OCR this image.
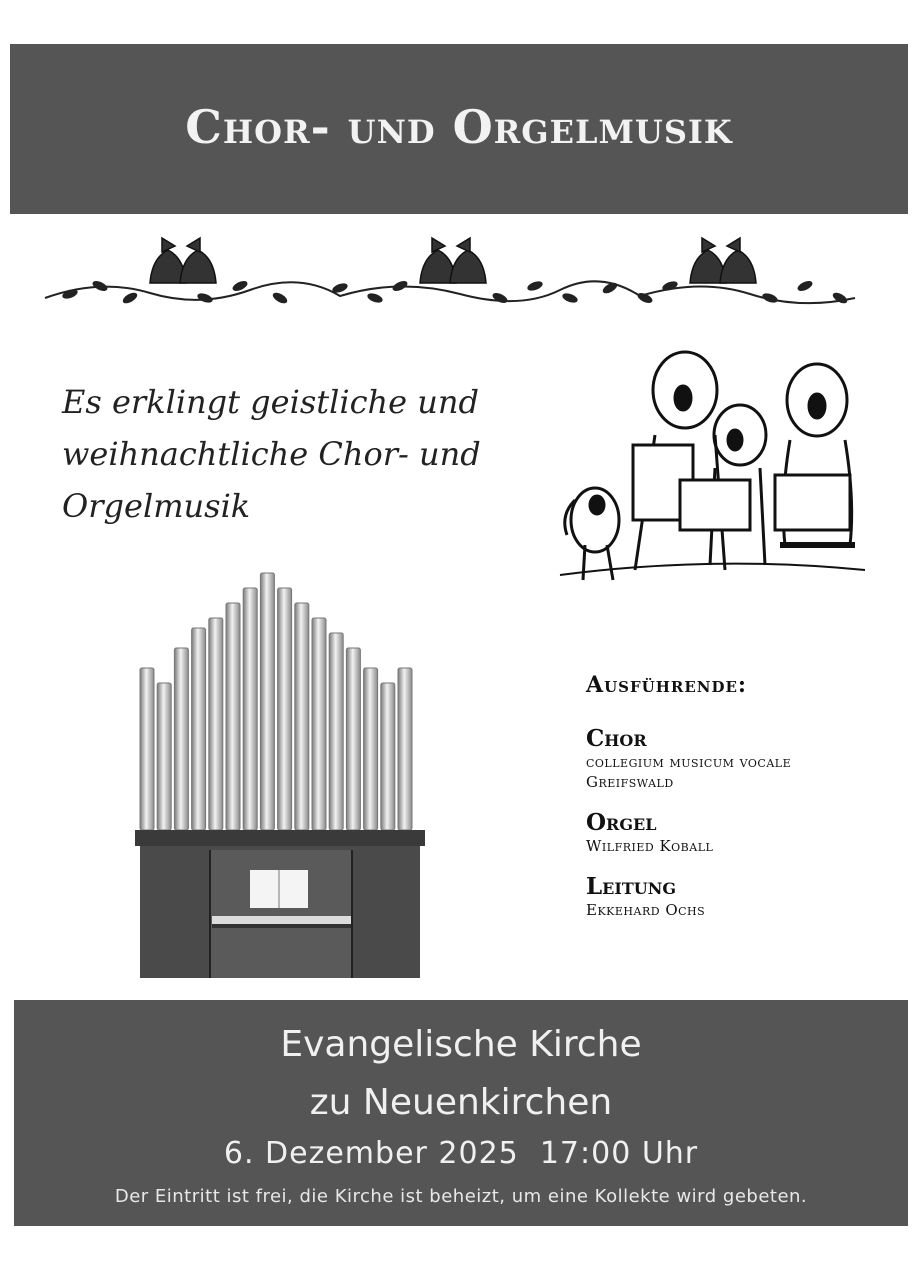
Chor- und Orgelmusik
Es erklingt geistliche und
weihnachtliche Chor- und
Orgelmusik
Ausführende:
Chor
collegium musicum vocale
Greifswald
Orgel
Wilfried Koball
Leitung
Ekkehard Ochs
Evangelische Kirche
zu Neuenkirchen
6. Dezember 2025 17:00 Uhr
Der Eintritt ist frei, die Kirche ist beheizt, um eine Kollekte wird gebeten.
